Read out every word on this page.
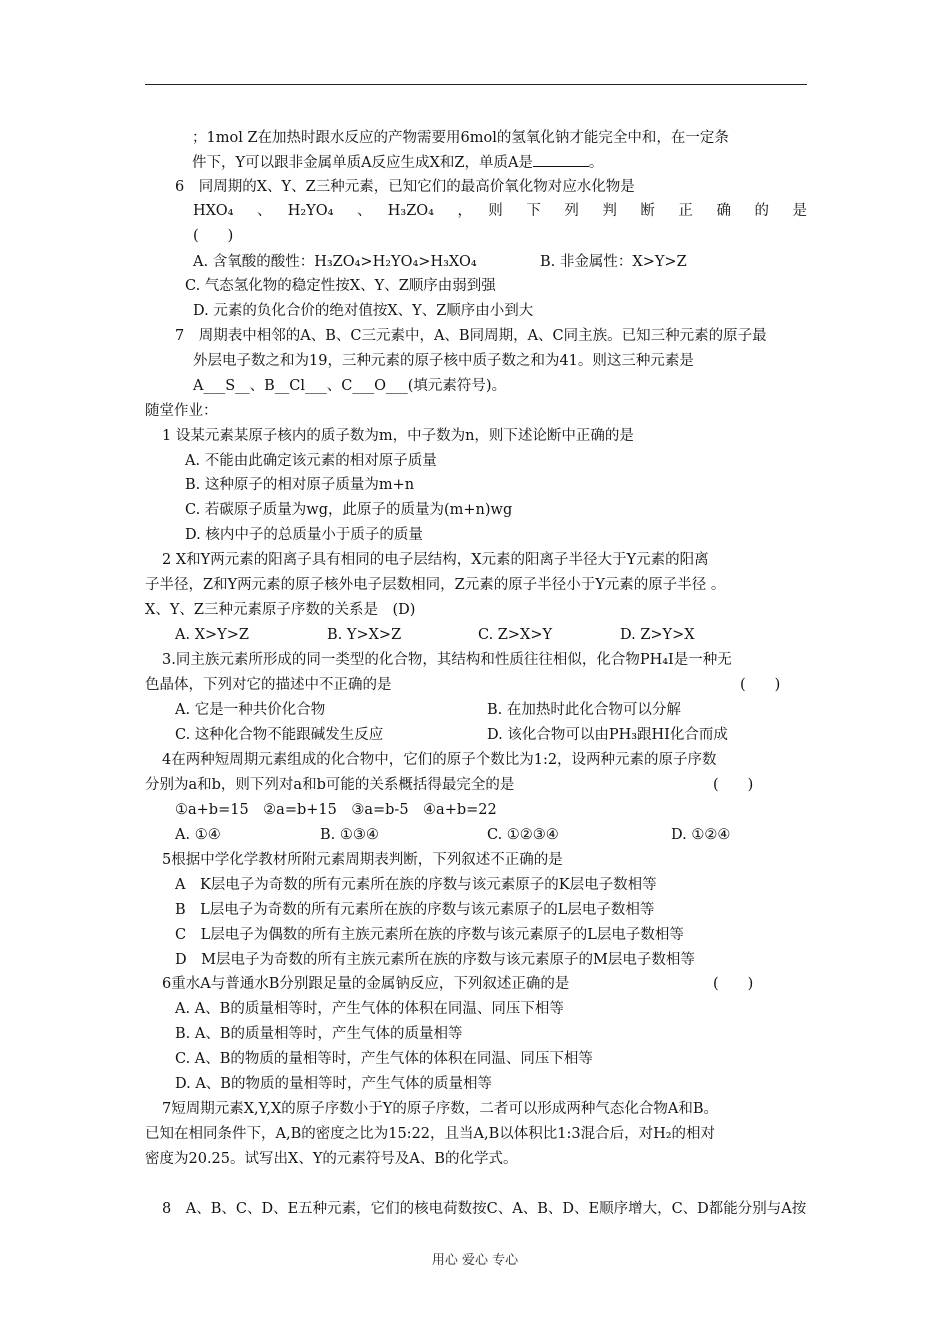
；1mol Z在加热时跟水反应的产物需要用6mol的氢氧化钠才能完全中和，在一定条
件下，Y可以跟非金属单质A反应生成X和Z，单质A是	。
6　同周期的X、Y、Z三种元素，已知它们的最高价氧化物对应水化物是
HXO₄　、　H₂YO₄　、　H₃ZO₄　，　则　下　列　判　断　正　确　的　是
(　　)
A. 含氧酸的酸性：H₃ZO₄>H₂YO₄>H₃XO₄	B. 非金属性：X>Y>Z
C. 气态氢化物的稳定性按X、Y、Z顺序由弱到强
D. 元素的负化合价的绝对值按X、Y、Z顺序由小到大
7　周期表中相邻的A、B、C三元素中，A、B同周期，A、C同主族。已知三种元素的原子最
外层电子数之和为19，三种元素的原子核中质子数之和为41。则这三种元素是
A___S__、B__Cl___、C___O___(填元素符号)。
随堂作业：
1 设某元素某原子核内的质子数为m，中子数为n，则下述论断中正确的是
A. 不能由此确定该元素的相对原子质量
B. 这种原子的相对原子质量为m+n
C. 若碳原子质量为wg，此原子的质量为(m+n)wg
D. 核内中子的总质量小于质子的质量
2 X和Y两元素的阳离子具有相同的电子层结构，X元素的阳离子半径大于Y元素的阳离
子半径，Z和Y两元素的原子核外电子层数相同，Z元素的原子半径小于Y元素的原子半径 。
X、Y、Z三种元素原子序数的关系是　(D)
A. X>Y>Z	B. Y>X>Z	C. Z>X>Y	D. Z>Y>X
3.同主族元素所形成的同一类型的化合物，其结构和性质往往相似，化合物PH₄I是一种无
色晶体，下列对它的描述中不正确的是	(　　)
A. 它是一种共价化合物	B. 在加热时此化合物可以分解
C. 这种化合物不能跟碱发生反应	D. 该化合物可以由PH₃跟HI化合而成
4在两种短周期元素组成的化合物中，它们的原子个数比为1:2，设两种元素的原子序数
分别为a和b，则下列对a和b可能的关系概括得最完全的是	(　　)
①a+b=15　②a=b+15　③a=b-5　④a+b=22
A. ①④	B. ①③④	C. ①②③④	D. ①②④
5根据中学化学教材所附元素周期表判断，下列叙述不正确的是
A　K层电子为奇数的所有元素所在族的序数与该元素原子的K层电子数相等
B　L层电子为奇数的所有元素所在族的序数与该元素原子的L层电子数相等
C　L层电子为偶数的所有主族元素所在族的序数与该元素原子的L层电子数相等
D　M层电子为奇数的所有主族元素所在族的序数与该元素原子的M层电子数相等
6重水A与普通水B分别跟足量的金属钠反应，下列叙述正确的是	(　　)
A. A、B的质量相等时，产生气体的体积在同温、同压下相等
B. A、B的质量相等时，产生气体的质量相等
C. A、B的物质的量相等时，产生气体的体积在同温、同压下相等
D. A、B的物质的量相等时，产生气体的质量相等
7短周期元素X,Y,X的原子序数小于Y的原子序数，二者可以形成两种气态化合物A和B。
已知在相同条件下，A,B的密度之比为15:22，且当A,B以体积比1:3混合后，对H₂的相对
密度为20.25。试写出X、Y的元素符号及A、B的化学式。
8　A、B、C、D、E五种元素，它们的核电荷数按C、A、B、D、E顺序增大，C、D都能分别与A按
用心 爱心 专心
